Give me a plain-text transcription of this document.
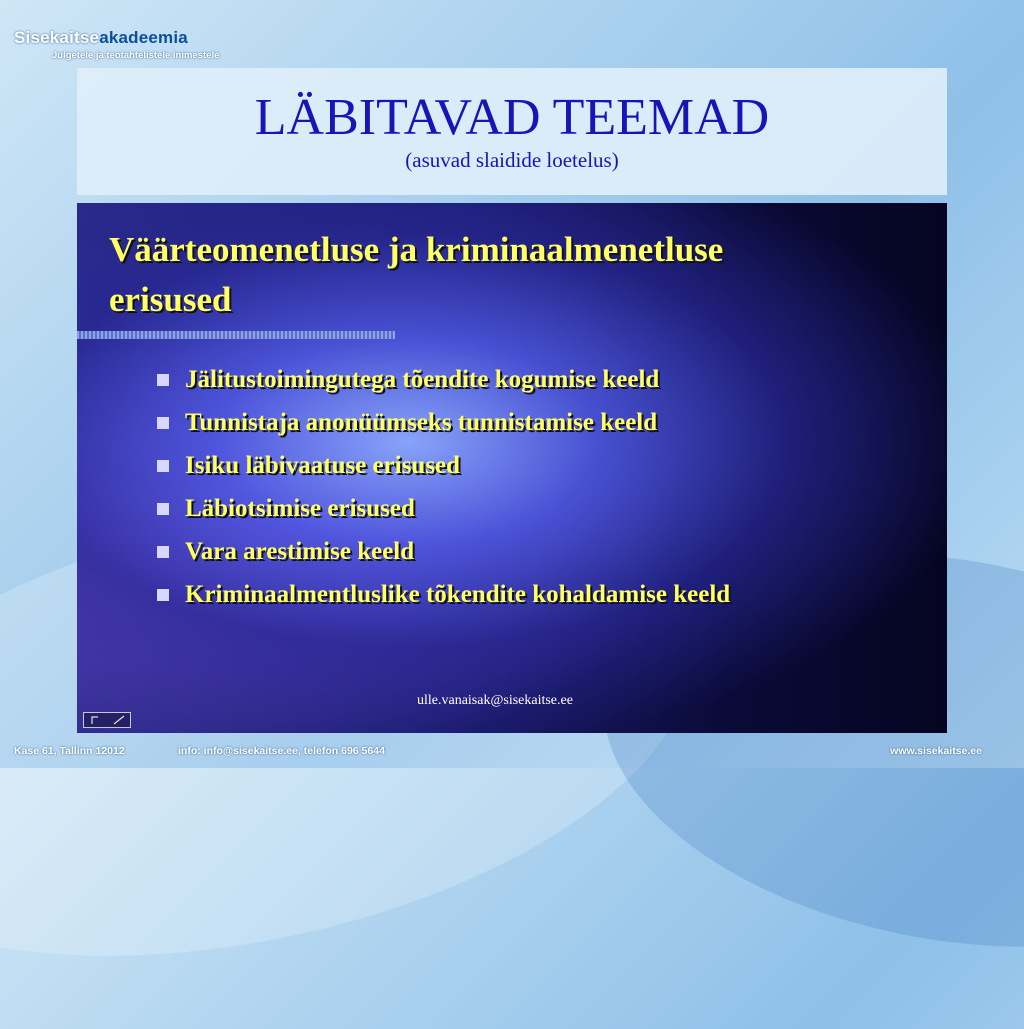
Sisekaitseakadeemia
Julgetele ja teotahtelistele inimestele
LÄBITAVAD TEEMAD
(asuvad slaidide loetelus)
Väärteomenetluse ja kriminaalmenetluse erisused
Jälitustoimingutega tõendite kogumise keeld
Tunnistaja anonüümseks tunnistamise keeld
Isiku läbivaatuse erisused
Läbiotsimise erisused
Vara arestimise keeld
Kriminaalmentluslike tõkendite kohaldamise keeld
ulle.vanaisak@sisekaitse.ee
Kase 61, Tallinn 12012	info: info@sisekaitse.ee, telefon 696 5644	www.sisekaitse.ee
